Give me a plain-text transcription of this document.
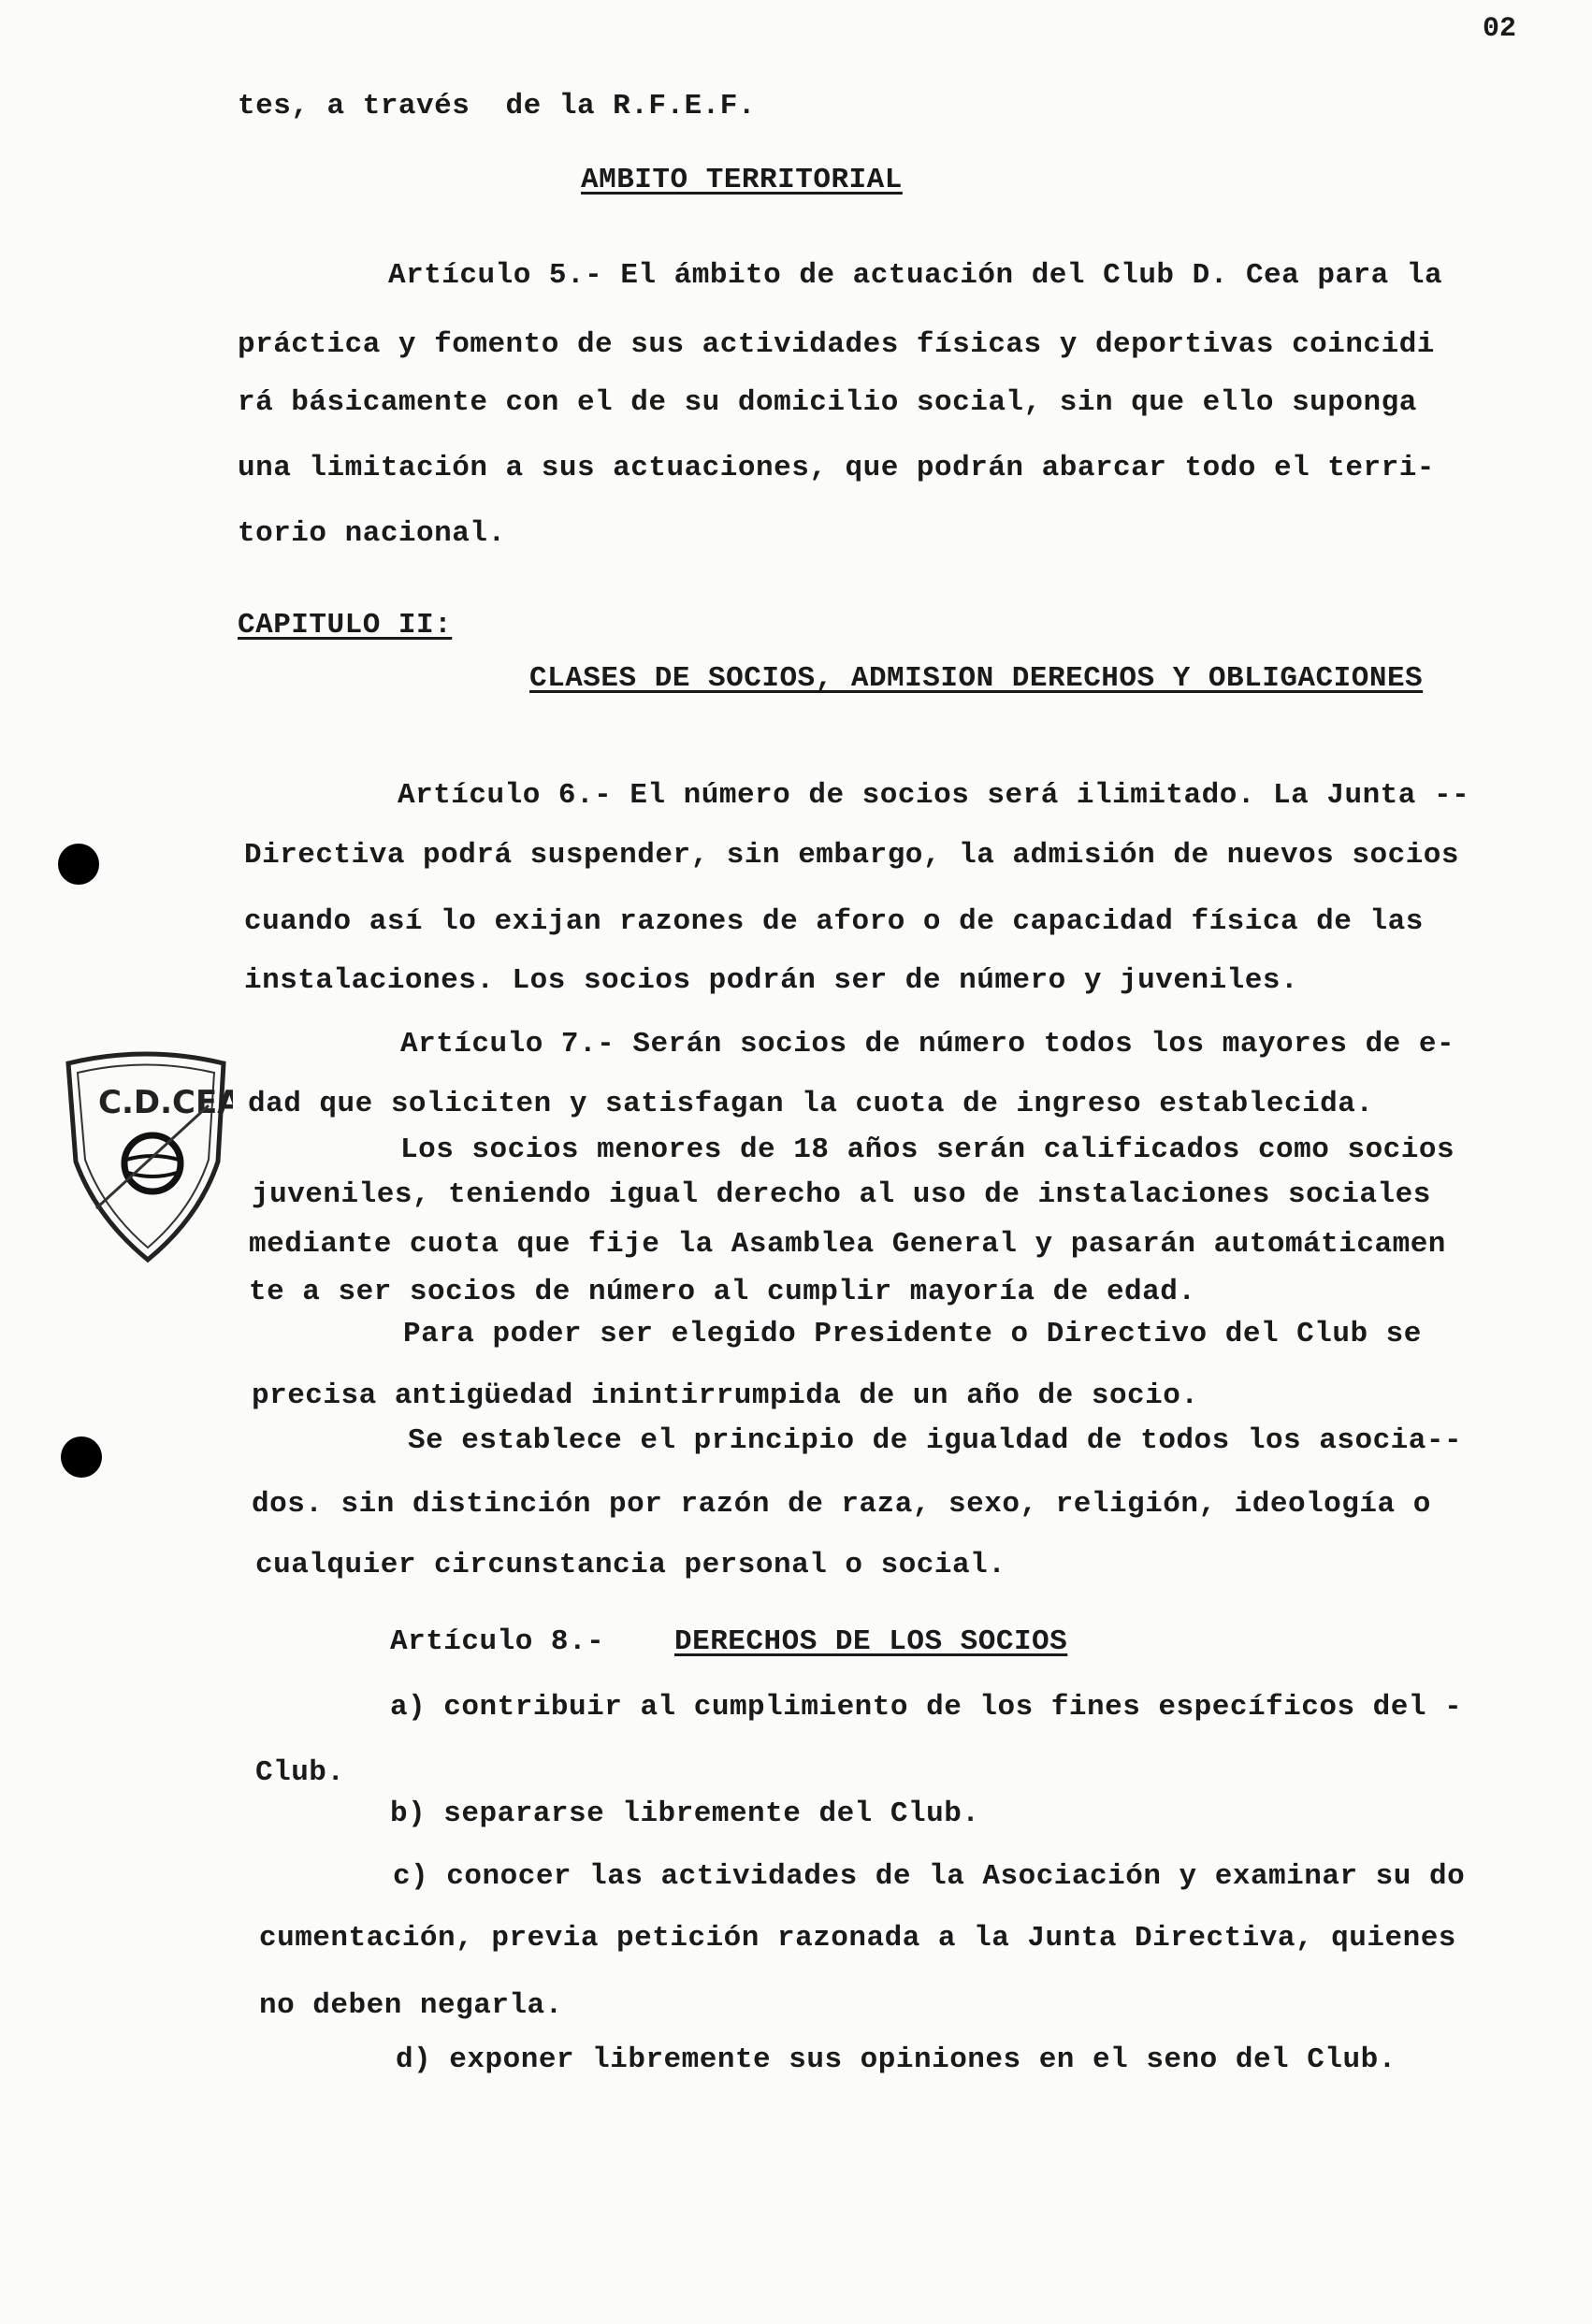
02
C.D.CEA
tes, a través  de la R.F.E.F.
AMBITO TERRITORIAL
Artículo 5.- El ámbito de actuación del Club D. Cea para la
práctica y fomento de sus actividades físicas y deportivas coincidi
rá básicamente con el de su domicilio social, sin que ello suponga
una limitación a sus actuaciones, que podrán abarcar todo el terri-
torio nacional.
CAPITULO II:
CLASES DE SOCIOS, ADMISION DERECHOS Y OBLIGACIONES
Artículo 6.- El número de socios será ilimitado. La Junta --
Directiva podrá suspender, sin embargo, la admisión de nuevos socios
cuando así lo exijan razones de aforo o de capacidad física de las
instalaciones. Los socios podrán ser de número y juveniles.
Artículo 7.- Serán socios de número todos los mayores de e-
dad que soliciten y satisfagan la cuota de ingreso establecida.
Los socios menores de 18 años serán calificados como socios
juveniles, teniendo igual derecho al uso de instalaciones sociales
mediante cuota que fije la Asamblea General y pasarán automáticamen
te a ser socios de número al cumplir mayoría de edad.
Para poder ser elegido Presidente o Directivo del Club se
precisa antigüedad inintirrumpida de un año de socio.
Se establece el principio de igualdad de todos los asocia--
dos. sin distinción por razón de raza, sexo, religión, ideología o
cualquier circunstancia personal o social.
Artículo 8.- DERECHOS DE LOS SOCIOS
a) contribuir al cumplimiento de los fines específicos del -
Club.
b) separarse libremente del Club.
c) conocer las actividades de la Asociación y examinar su do
cumentación, previa petición razonada a la Junta Directiva, quienes
no deben negarla.
d) exponer libremente sus opiniones en el seno del Club.
